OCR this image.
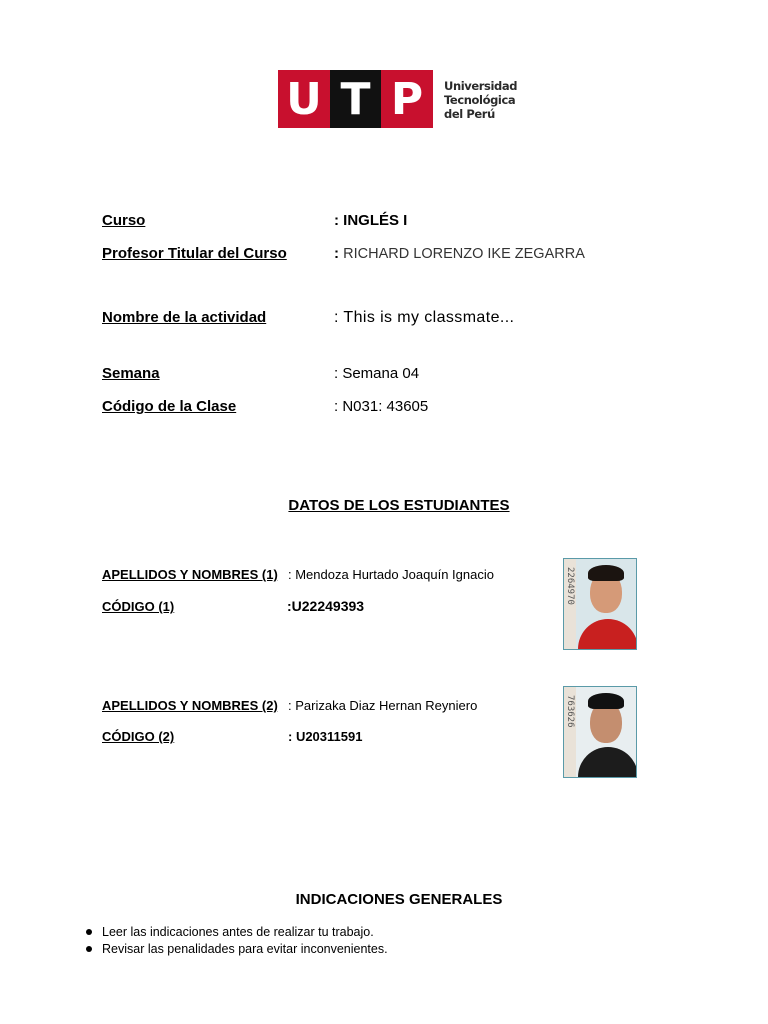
U T P	Universidad
Tecnológica
del Perú
Curso	: INGLÉS I
Profesor Titular del Curso	: RICHARD LORENZO IKE ZEGARRA
Nombre de la actividad	: This is my classmate...
Semana	: Semana 04
Código de la Clase	: N031: 43605
DATOS DE LOS ESTUDIANTES
APELLIDOS Y NOMBRES (1) : Mendoza Hurtado Joaquín Ignacio
CÓDIGO (1)	:U22249393
2264970
APELLIDOS Y NOMBRES (2) : Parizaka Diaz Hernan Reyniero
CÓDIGO (2)	: U20311591
763626
INDICACIONES GENERALES
Leer las indicaciones antes de realizar tu trabajo.
Revisar las penalidades para evitar inconvenientes.
